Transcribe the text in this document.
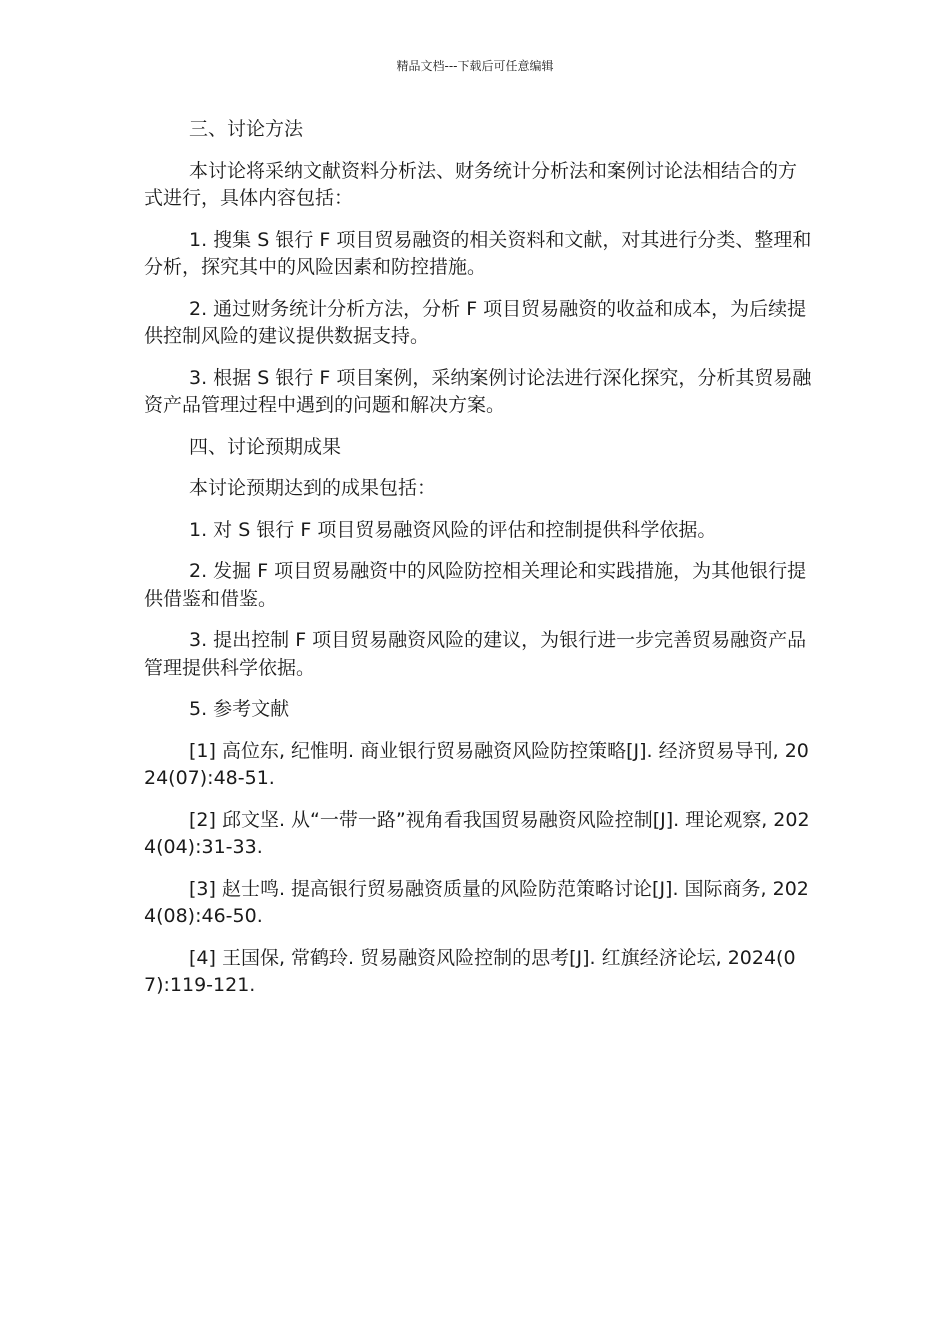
精品文档---下载后可任意编辑

三、讨论方法

本讨论将采纳文献资料分析法、财务统计分析法和案例讨论法相结合的方式进行，具体内容包括：

1. 搜集 S 银行 F 项目贸易融资的相关资料和文献，对其进行分类、整理和分析，探究其中的风险因素和防控措施。

2. 通过财务统计分析方法，分析 F 项目贸易融资的收益和成本，为后续提供控制风险的建议提供数据支持。

3. 根据 S 银行 F 项目案例，采纳案例讨论法进行深化探究，分析其贸易融资产品管理过程中遇到的问题和解决方案。

四、讨论预期成果

本讨论预期达到的成果包括：

1. 对 S 银行 F 项目贸易融资风险的评估和控制提供科学依据。

2. 发掘 F 项目贸易融资中的风险防控相关理论和实践措施，为其他银行提供借鉴和借鉴。

3. 提出控制 F 项目贸易融资风险的建议，为银行进一步完善贸易融资产品管理提供科学依据。

5. 参考文献

[1] 高位东, 纪惟明. 商业银行贸易融资风险防控策略[J]. 经济贸易导刊, 2024(07):48-51.

[2] 邱文坚. 从“一带一路”视角看我国贸易融资风险控制[J]. 理论观察, 2024(04):31-33.

[3] 赵士鸣. 提高银行贸易融资质量的风险防范策略讨论[J]. 国际商务, 2024(08):46-50.

[4] 王国保, 常鹤玲. 贸易融资风险控制的思考[J]. 红旗经济论坛, 2024(07):119-121.
